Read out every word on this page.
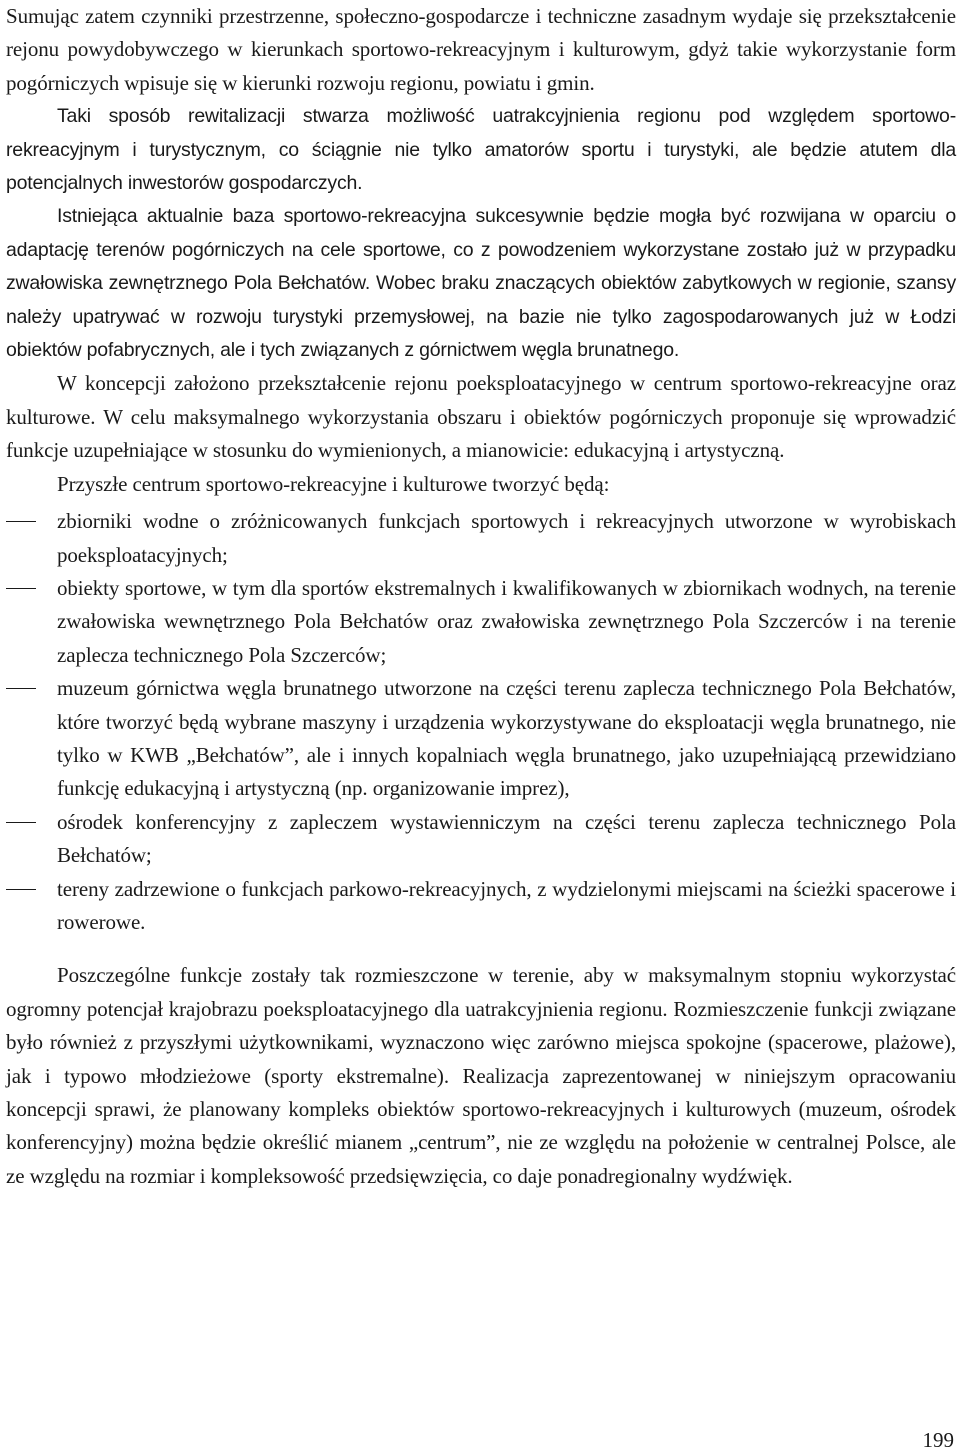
Sumując zatem czynniki przestrzenne, społeczno-gospodarcze i techniczne zasadnym wydaje się przekształcenie rejonu powydobywczego w kierunkach sportowo-rekreacyjnym i kulturowym, gdyż takie wykorzystanie form pogórniczych wpisuje się w kierunki rozwoju regionu, powiatu i gmin.

Taki sposób rewitalizacji stwarza możliwość uatrakcyjnienia regionu pod względem sportowo-rekreacyjnym i turystycznym, co ściągnie nie tylko amatorów sportu i turystyki, ale będzie atutem dla potencjalnych inwestorów gospodarczych.

Istniejąca aktualnie baza sportowo-rekreacyjna sukcesywnie będzie mogła być rozwijana w oparciu o adaptację terenów pogórniczych na cele sportowe, co z powodzeniem wykorzystane zostało już w przypadku zwałowiska zewnętrznego Pola Bełchatów. Wobec braku znaczących obiektów zabytkowych w regionie, szansy należy upatrywać w rozwoju turystyki przemysłowej, na bazie nie tylko zagospodarowanych już w Łodzi obiektów pofabrycznych, ale i tych związanych z górnictwem węgla brunatnego.

W koncepcji założono przekształcenie rejonu poeksploatacyjnego w centrum sportowo-rekreacyjne oraz kulturowe. W celu maksymalnego wykorzystania obszaru i obiektów pogórniczych proponuje się wprowadzić funkcje uzupełniające w stosunku do wymienionych, a mianowicie: edukacyjną i artystyczną.

Przyszłe centrum sportowo-rekreacyjne i kulturowe tworzyć będą:

zbiorniki wodne o zróżnicowanych funkcjach sportowych i rekreacyjnych utworzone w wyrobiskach poeksploatacyjnych;
obiekty sportowe, w tym dla sportów ekstremalnych i kwalifikowanych w zbiornikach wodnych, na terenie zwałowiska wewnętrznego Pola Bełchatów oraz zwałowiska zewnętrznego Pola Szczerców i na terenie zaplecza technicznego Pola Szczerców;
muzeum górnictwa węgla brunatnego utworzone na części terenu zaplecza technicznego Pola Bełchatów, które tworzyć będą wybrane maszyny i urządzenia wykorzystywane do eksploatacji węgla brunatnego, nie tylko w KWB „Bełchatów”, ale i innych kopalniach węgla brunatnego, jako uzupełniającą przewidziano funkcję edukacyjną i artystyczną (np. organizowanie imprez),
ośrodek konferencyjny z zapleczem wystawienniczym na części terenu zaplecza technicznego Pola Bełchatów;
tereny zadrzewione o funkcjach parkowo-rekreacyjnych, z wydzielonymi miejscami na ścieżki spacerowe i rowerowe.

Poszczególne funkcje zostały tak rozmieszczone w terenie, aby w maksymalnym stopniu wykorzystać ogromny potencjał krajobrazu poeksploatacyjnego dla uatrakcyjnienia regionu. Rozmieszczenie funkcji związane było również z przyszłymi użytkownikami, wyznaczono więc zarówno miejsca spokojne (spacerowe, plażowe), jak i typowo młodzieżowe (sporty ekstremalne). Realizacja zaprezentowanej w niniejszym opracowaniu koncepcji sprawi, że planowany kompleks obiektów sportowo-rekreacyjnych i kulturowych (muzeum, ośrodek konferencyjny) można będzie określić mianem „centrum”, nie ze względu na położenie w centralnej Polsce, ale ze względu na rozmiar i kompleksowość przedsięwzięcia, co daje ponadregionalny wydźwięk.

199
